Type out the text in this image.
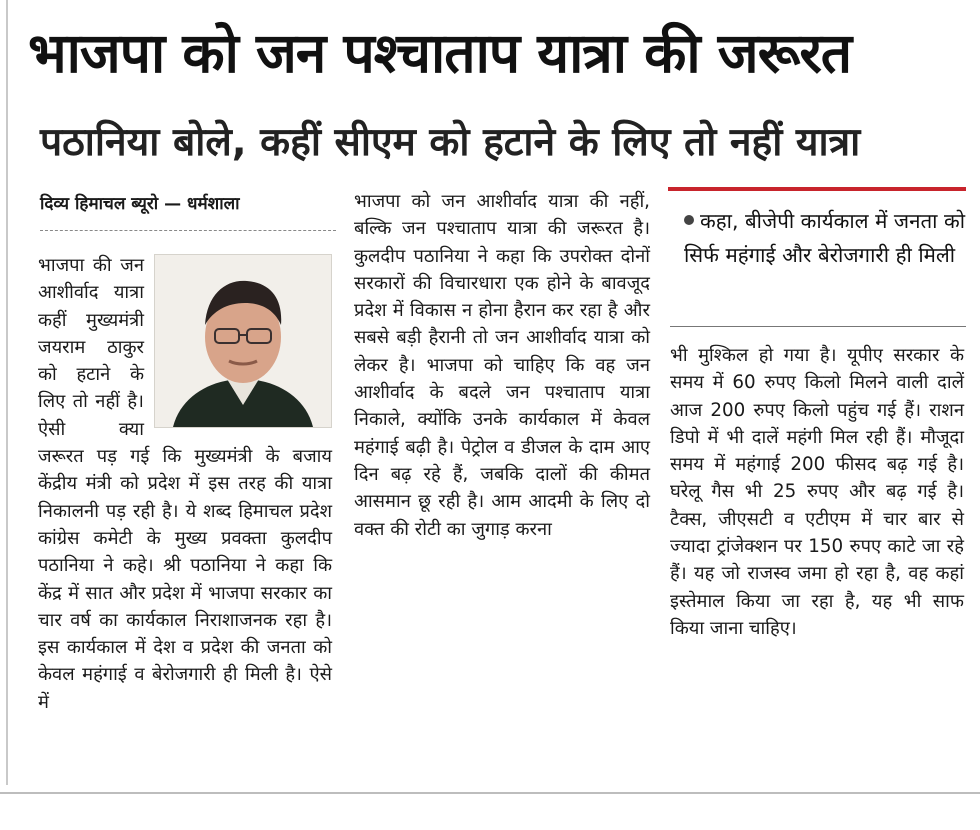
भाजपा को जन पश्चाताप यात्रा की जरूरत
पठानिया बोले, कहीं सीएम को हटाने के लिए तो नहीं यात्रा
दिव्य हिमाचल ब्यूरो — धर्मशाला

भाजपा की जन आशीर्वाद यात्रा कहीं मुख्यमंत्री जयराम ठाकुर को हटाने के लिए तो नहीं है। ऐसी क्या जरूरत पड़ गई कि मुख्यमंत्री के बजाय केंद्रीय मंत्री को प्रदेश में इस तरह की यात्रा निकालनी पड़ रही है। ये शब्द हिमाचल प्रदेश कांग्रेस कमेटी के मुख्य प्रवक्ता कुलदीप पठानिया ने कहे। श्री पठानिया ने कहा कि केंद्र में सात और प्रदेश में भाजपा सरकार का चार वर्ष का कार्यकाल निराशाजनक रहा है। इस कार्यकाल में देश व प्रदेश की जनता को केवल महंगाई व बेरोजगारी ही मिली है। ऐसे में

भाजपा को जन आशीर्वाद यात्रा की नहीं, बल्कि जन पश्चाताप यात्रा की जरूरत है। कुलदीप पठानिया ने कहा कि उपरोक्त दोनों सरकारों की विचारधारा एक होने के बावजूद प्रदेश में विकास न होना हैरान कर रहा है और सबसे बड़ी हैरानी तो जन आशीर्वाद यात्रा को लेकर है। भाजपा को चाहिए कि वह जन आशीर्वाद के बदले जन पश्चाताप यात्रा निकाले, क्योंकि उनके कार्यकाल में केवल महंगाई बढ़ी है। पेट्रोल व डीजल के दाम आए दिन बढ़ रहे हैं, जबकि दालों की कीमत आसमान छू रही है। आम आदमी के लिए दो वक्त की रोटी का जुगाड़ करना

कहा, बीजेपी कार्यकाल में जनता को सिर्फ महंगाई और बेरोजगारी ही मिली

भी मुश्किल हो गया है। यूपीए सरकार के समय में 60 रुपए किलो मिलने वाली दालें आज 200 रुपए किलो पहुंच गई हैं। राशन डिपो में भी दालें महंगी मिल रही हैं। मौजूदा समय में महंगाई 200 फीसद बढ़ गई है। घरेलू गैस भी 25 रुपए और बढ़ गई है। टैक्स, जीएसटी व एटीएम में चार बार से ज्यादा ट्रांजेक्शन पर 150 रुपए काटे जा रहे हैं। यह जो राजस्व जमा हो रहा है, वह कहां इस्तेमाल किया जा रहा है, यह भी साफ किया जाना चाहिए।
